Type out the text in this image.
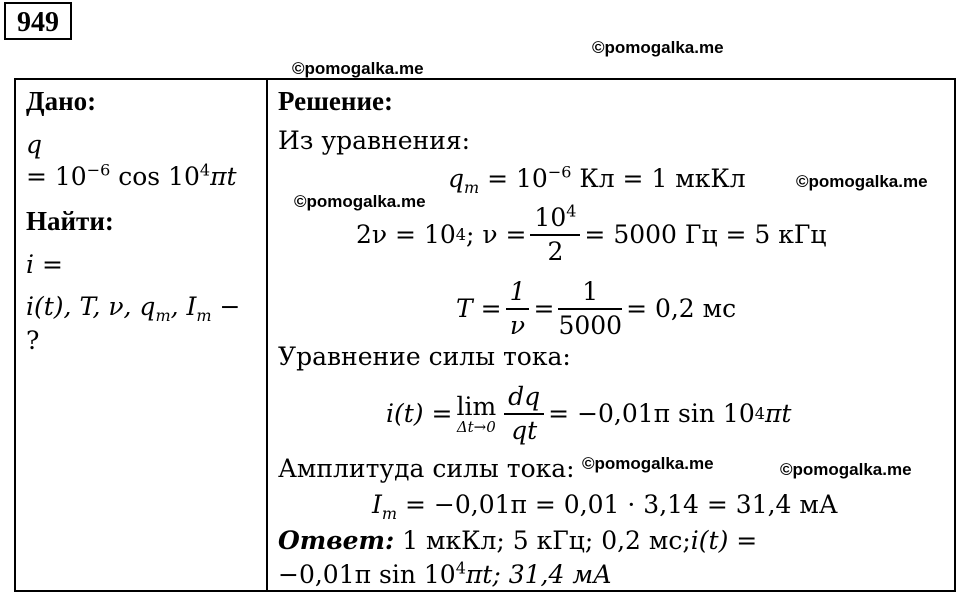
949
©pomogalka.me
©pomogalka.me
Дано:
q
= $10^{-6}$ $\cos 10^4\pi t$
Найти:
i =
i(t), T, ν, $q_m$, $I_m$ −
?
Решение:
Из уравнения:
$q_m = 10^{-6}$ Кл = 1 мкКл
©pomogalka.me
©pomogalka.me
2ν = 10 4 ; $\nu = \frac{10^4}{2} = 5000$ Гц = 5 кГц
$T = \frac{1}{\nu} = \frac{1}{5000} = 0,2$ мс
Уравнение силы тока:
i(t) = lim
$\Delta t\to 0 \frac{dq}{qt} = -0,01\pi$ sin 10 4 πt
Амплитуда силы тока: ©pomogalka.me	©pomogalka.me
$I_m = -0,01\pi = 0,01 \cdot 3,14 = 31,4$ мА
Ответ: 1 мкКл; 5 кГц; 0,2 мс;i(t) =
−0,01π $\sin 10^4\pi t$; 31,4 мА
